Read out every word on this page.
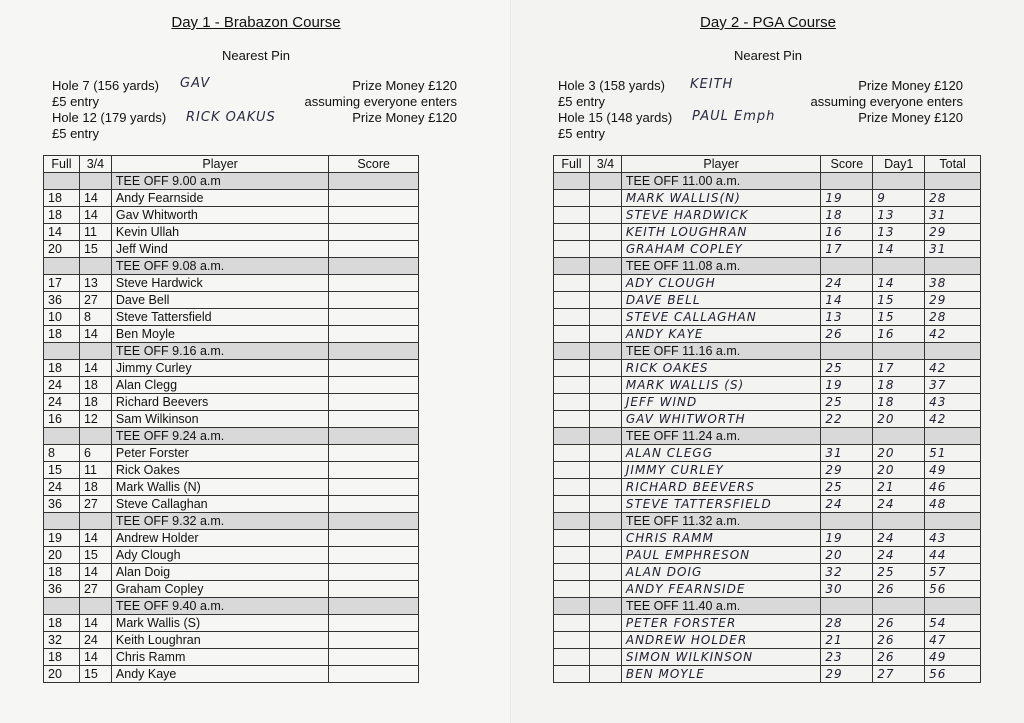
Day 1 - Brabazon Course
Nearest Pin
Hole 7 (156 yards) GAV	Prize Money £120
£5 entry	assuming everyone enters
Hole 12 (179 yards) RICK OAKUS	Prize Money £120
£5 entry
Full	3/4	Player	Score
		TEE OFF 9.00 a.m	
18	14	Andy Fearnside	
18	14	Gav Whitworth	
14	11	Kevin Ullah	
20	15	Jeff Wind	
		TEE OFF 9.08 a.m.	
17	13	Steve Hardwick	
36	27	Dave Bell	
10	8	Steve Tattersfield	
18	14	Ben Moyle	
		TEE OFF 9.16 a.m.	
18	14	Jimmy Curley	
24	18	Alan Clegg	
24	18	Richard Beevers	
16	12	Sam Wilkinson	
		TEE OFF 9.24 a.m.	
8	6	Peter Forster	
15	11	Rick Oakes	
24	18	Mark Wallis (N)	
36	27	Steve Callaghan	
		TEE OFF 9.32 a.m.	
19	14	Andrew Holder	
20	15	Ady Clough	
18	14	Alan Doig	
36	27	Graham Copley	
		TEE OFF 9.40 a.m.	
18	14	Mark Wallis (S)	
32	24	Keith Loughran	
18	14	Chris Ramm	
20	15	Andy Kaye	
Day 2 - PGA Course
Nearest Pin
Hole 3 (158 yards) KEITH	Prize Money £120
£5 entry	assuming everyone enters
Hole 15 (148 yards) PAUL Emph	Prize Money £120
£5 entry
Full	3/4	Player	Score	Day1	Total
		TEE OFF 11.00 a.m.			
		MARK WALLIS(N)	19	9	28
		STEVE HARDWICK	18	13	31
		KEITH LOUGHRAN	16	13	29
		GRAHAM COPLEY	17	14	31
		TEE OFF 11.08 a.m.			
		ADY CLOUGH	24	14	38
		DAVE BELL	14	15	29
		STEVE CALLAGHAN	13	15	28
		ANDY KAYE	26	16	42
		TEE OFF 11.16 a.m.			
		RICK OAKES	25	17	42
		MARK WALLIS (S)	19	18	37
		JEFF WIND	25	18	43
		GAV WHITWORTH	22	20	42
		TEE OFF 11.24 a.m.			
		ALAN CLEGG	31	20	51
		JIMMY CURLEY	29	20	49
		RICHARD BEEVERS	25	21	46
		STEVE TATTERSFIELD	24	24	48
		TEE OFF 11.32 a.m.			
		CHRIS RAMM	19	24	43
		PAUL EMPHRESON	20	24	44
		ALAN DOIG	32	25	57
		ANDY FEARNSIDE	30	26	56
		TEE OFF 11.40 a.m.			
		PETER FORSTER	28	26	54
		ANDREW HOLDER	21	26	47
		SIMON WILKINSON	23	26	49
		BEN MOYLE	29	27	56
